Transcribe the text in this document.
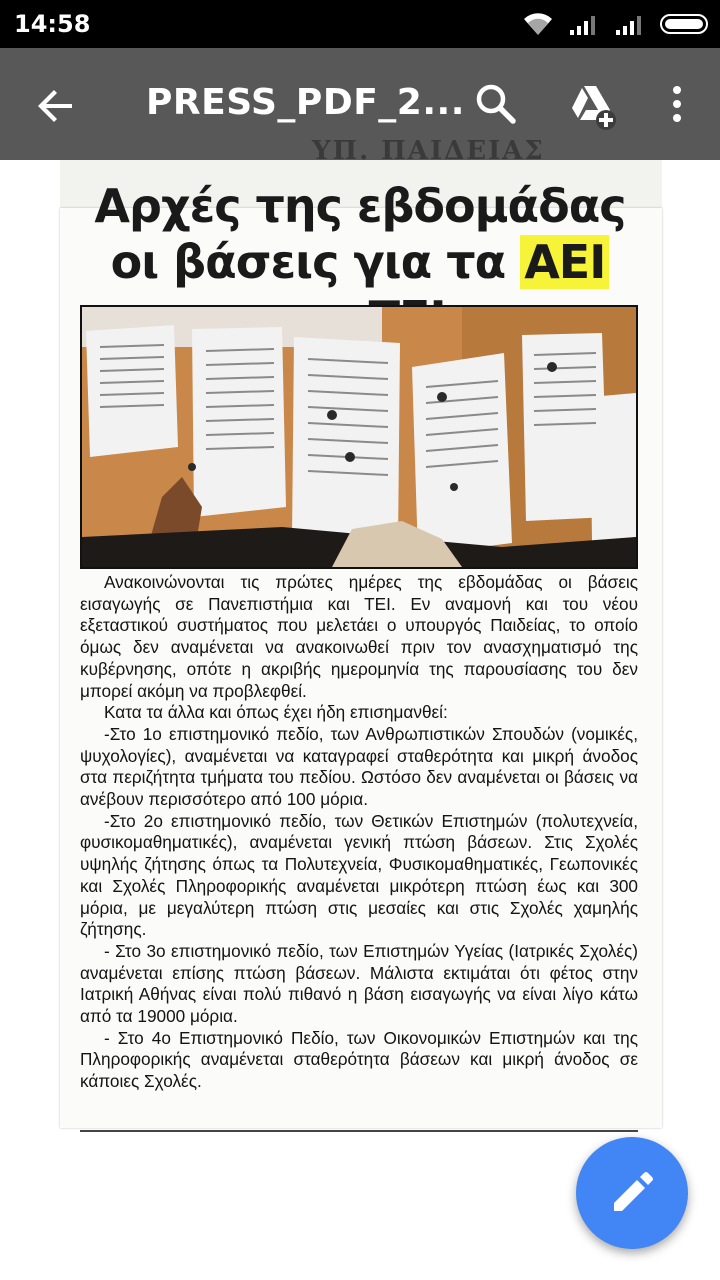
14:58
Αρχές της εβδομάδας οι βάσεις για τα ΑΕΙ

Ανακοινώνονται τις πρώτες ημέρες της εβδομάδας οι βάσεις εισαγωγής σε Πανεπιστήμια και ΤΕΙ. Εν αναμονή και του νέου εξεταστικού συστήματος που μελετάει ο υπουργός Παιδείας, το οποίο όμως δεν αναμένεται να ανακοινωθεί πριν τον ανασχηματισμό της κυβέρνησης, οπότε η ακριβής ημερομηνία της παρουσίασης του δεν μπορεί ακόμη να προβλεφθεί.

Κατα τα άλλα και όπως έχει ήδη επισημανθεί:

-Στο 1ο επιστημονικό πεδίο, των Ανθρωπιστικών Σπουδών (νομικές, ψυχολογίες), αναμένεται να καταγραφεί σταθερότητα και μικρή άνοδος στα περιζήτητα τμήματα του πεδίου. Ωστόσο δεν αναμένεται οι βάσεις να ανέβουν περισσότερο από 100 μόρια.

-Στο 2ο επιστημονικό πεδίο, των Θετικών Επιστημών (πολυτεχνεία, φυσικομαθηματικές), αναμένεται γενική πτώση βάσεων. Στις Σχολές υψηλής ζήτησης όπως τα Πολυτεχνεία, Φυσικομαθηματικές, Γεωπονικές και Σχολές Πληροφορικής αναμένεται μικρότερη πτώση έως και 300 μόρια, με μεγαλύτερη πτώση στις μεσαίες και στις Σχολές χαμηλής ζήτησης.

- Στο 3ο επιστημονικό πεδίο, των Επιστημών Υγείας (Ιατρικές Σχολές) αναμένεται επίσης πτώση βάσεων. Μάλιστα εκτιμάται ότι φέτος στην Ιατρική Αθήνας είναι πολύ πιθανό η βάση εισαγωγής να είναι λίγο κάτω από τα 19000 μόρια.

- Στο 4ο Επιστημονικό Πεδίο, των Οικονομικών Επιστημών και της Πληροφορικής αναμένεται σταθερότητα βάσεων και μικρή άνοδος σε κάποιες Σχολές.

PRESS_PDF_2...
